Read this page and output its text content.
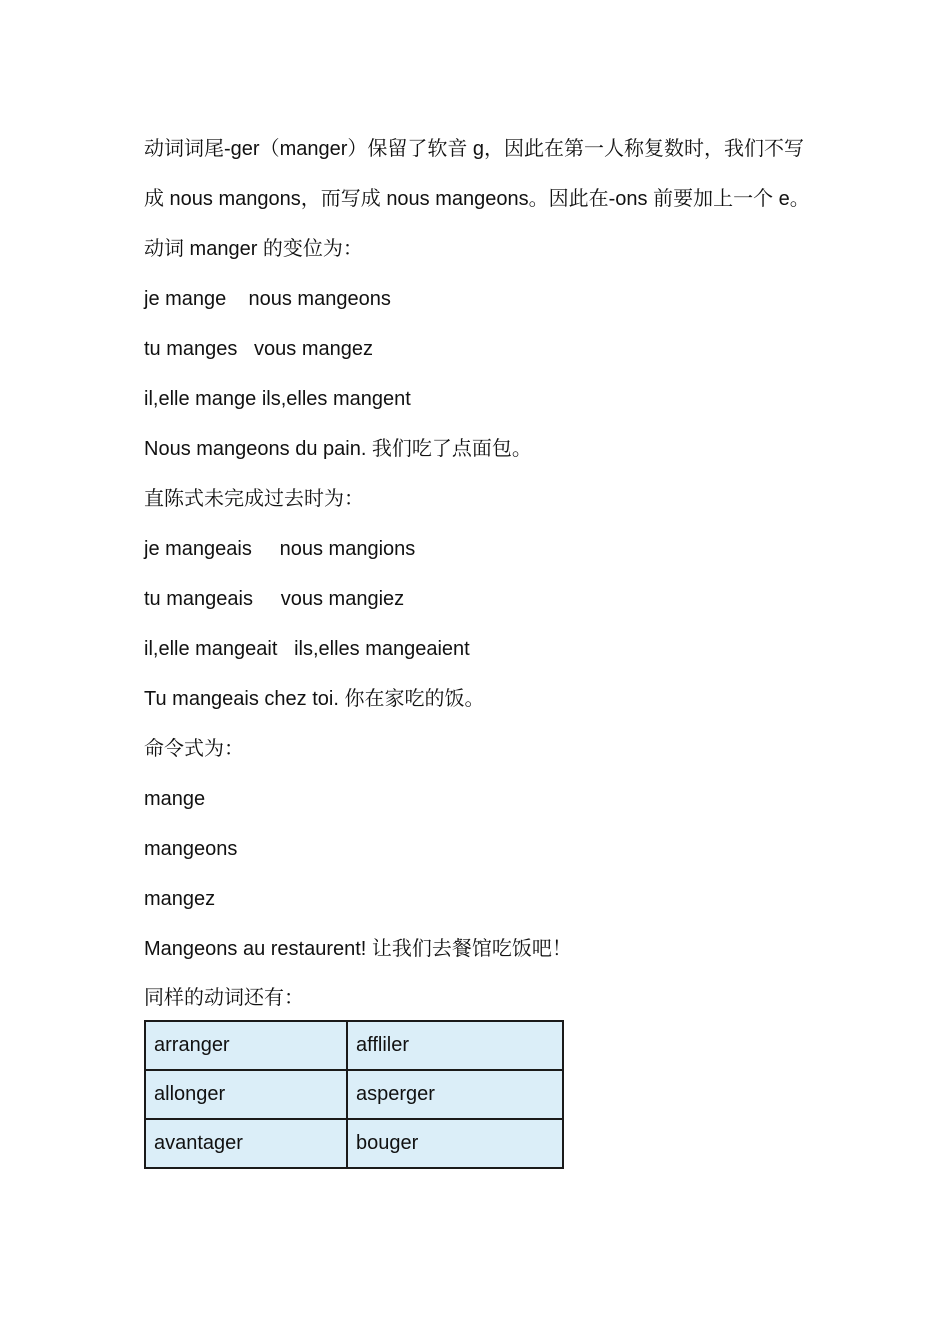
动词词尾-ger（manger）保留了软音 g，因此在第一人称复数时，我们不写成 nous mangons，而写成 nous mangeons。因此在-ons 前要加上一个 e。动词 manger 的变位为：
je mange    nous mangeons
tu manges   vous mangez
il,elle mange ils,elles mangent
Nous mangeons du pain. 我们吃了点面包。
直陈式未完成过去时为：
je mangeais     nous mangions
tu mangeais     vous mangiez
il,elle mangeait   ils,elles mangeaient
Tu mangeais chez toi. 你在家吃的饭。
命令式为：
mange
mangeons
mangez
Mangeons au restaurent! 让我们去餐馆吃饭吧！
同样的动词还有：
arranger	affliler
allonger	asperger
avantager	bouger
